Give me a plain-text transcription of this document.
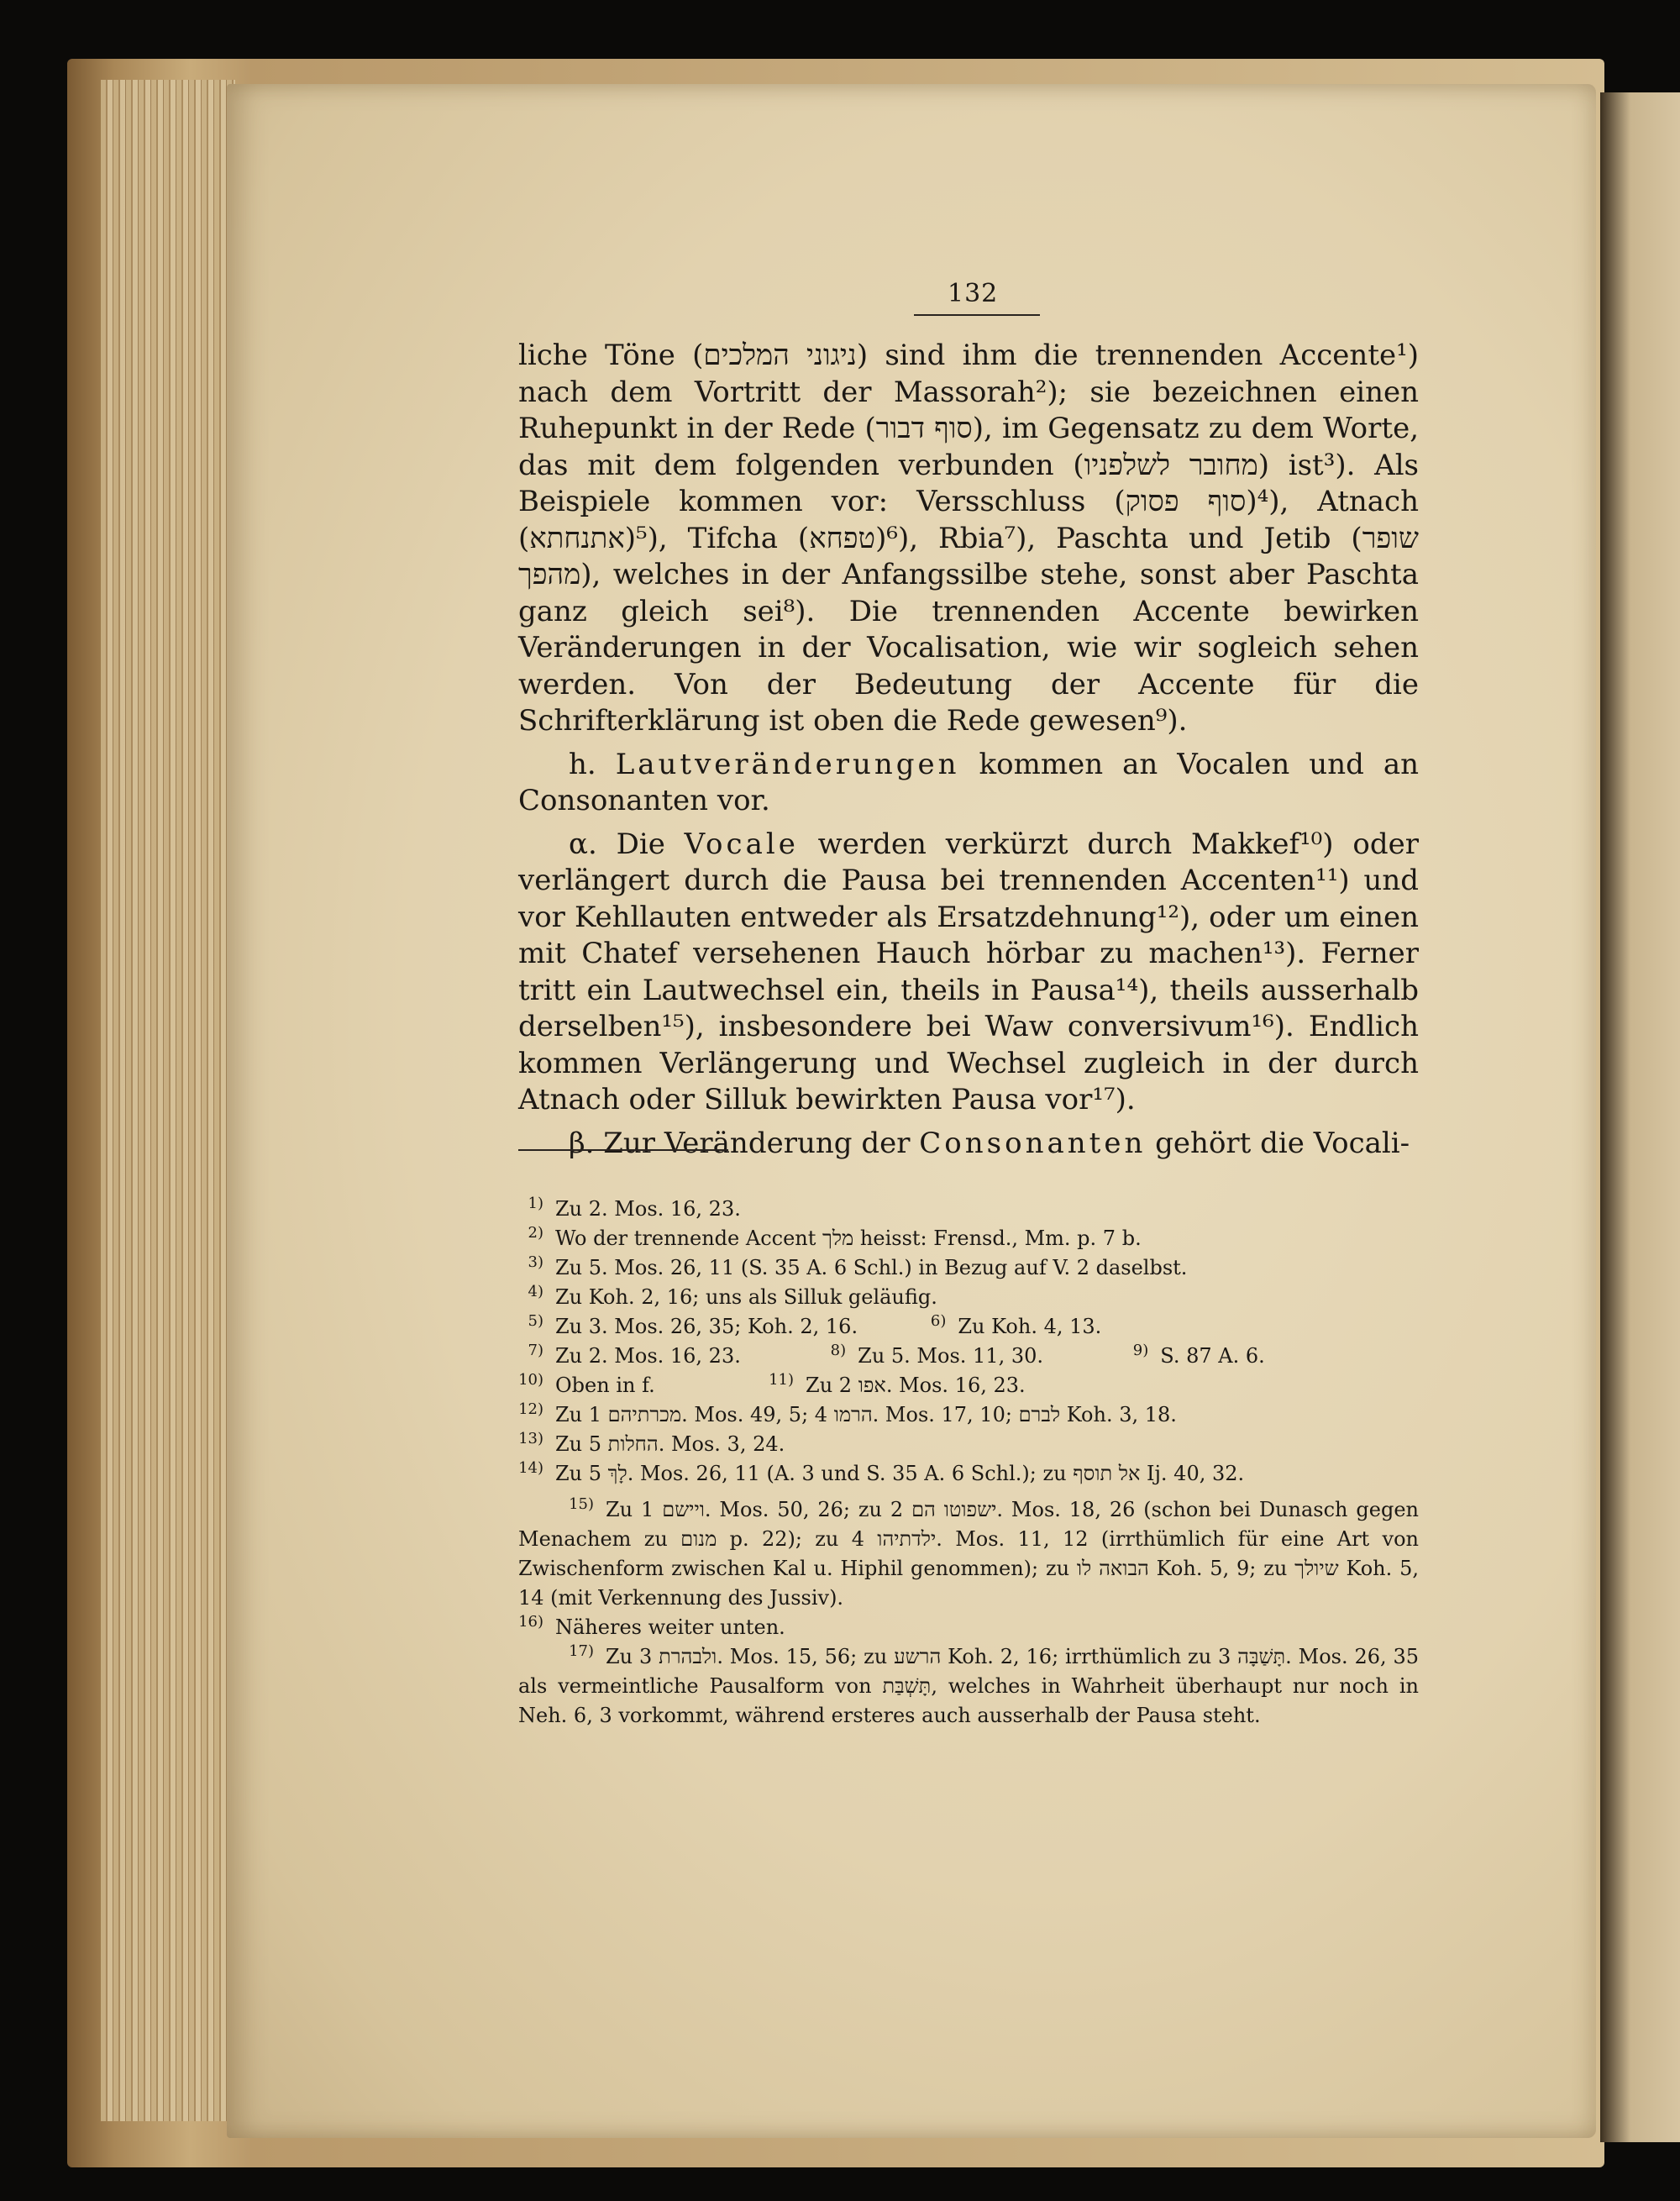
132

liche Töne (ניגוני המלכים) sind ihm die trennenden Accente¹) nach dem Vortritt der Massorah²); sie bezeichnen einen Ruhepunkt in der Rede (סוף דבור), im Gegensatz zu dem Worte, das mit dem folgenden verbunden (מחובר לשלפניו) ist³). Als Beispiele kommen vor: Versschluss (סוף פסוק)⁴), Atnach (אתנחתא)⁵), Tifcha (טפחא)⁶), Rbia⁷), Paschta und Jetib (שופר מהפך), welches in der Anfangssilbe stehe, sonst aber Paschta ganz gleich sei⁸). Die trennenden Accente bewirken Veränderungen in der Vocalisation, wie wir sogleich sehen werden. Von der Bedeutung der Accente für die Schrifterklärung ist oben die Rede gewesen⁹).

h. Lautveränderungen kommen an Vocalen und an Consonanten vor.

α. Die Vocale werden verkürzt durch Makkef¹⁰) oder verlängert durch die Pausa bei trennenden Accenten¹¹) und vor Kehllauten entweder als Ersatzdehnung¹²), oder um einen mit Chatef versehenen Hauch hörbar zu machen¹³). Ferner tritt ein Lautwechsel ein, theils in Pausa¹⁴), theils ausserhalb derselben¹⁵), insbesondere bei Waw conversivum¹⁶). Endlich kommen Verlängerung und Wechsel zugleich in der durch Atnach oder Silluk bewirkten Pausa vor¹⁷).

β. Zur Veränderung der Consonanten gehört die Vocali-

1) Zu 2. Mos. 16, 23.

2) Wo der trennende Accent מלך heisst: Frensd., Mm. p. 7 b.

3) Zu 5. Mos. 26, 11 (S. 35 A. 6 Schl.) in Bezug auf V. 2 daselbst.

4) Zu Koh. 2, 16; uns als Silluk geläufig.

5) Zu 3. Mos. 26, 35; Koh. 2, 16.	6) Zu Koh. 4, 13.

7) Zu 2. Mos. 16, 23.	8) Zu 5. Mos. 11, 30.	9) S. 87 A. 6.

10) Oben in f.	11) Zu אפו 2. Mos. 16, 23.

12) Zu מכרתיהם 1. Mos. 49, 5; הרמו 4. Mos. 17, 10; לברם Koh. 3, 18.

13) Zu החלות 5. Mos. 3, 24.

14) Zu לָךְ 5. Mos. 26, 11 (A. 3 und S. 35 A. 6 Schl.); zu אל תוסף Ij. 40, 32.

15) Zu ויישם 1. Mos. 50, 26; zu ישפוטו הם 2. Mos. 18, 26 (schon bei Dunasch gegen Menachem zu מנום p. 22); zu ילדתיהו 4. Mos. 11, 12 (irrthümlich für eine Art von Zwischenform zwischen Kal u. Hiphil genommen); zu הבואה לו Koh. 5, 9; zu שיולך Koh. 5, 14 (mit Verkennung des Jussiv).

16) Näheres weiter unten.

17) Zu ולבהרת 3. Mos. 15, 56; zu הרשע Koh. 2, 16; irrthümlich zu תָּשַׁבָּה 3. Mos. 26, 35 als vermeintliche Pausalform von תָּשְׁבַּת, welches in Wahrheit überhaupt nur noch in Neh. 6, 3 vorkommt, während ersteres auch ausserhalb der Pausa steht.
